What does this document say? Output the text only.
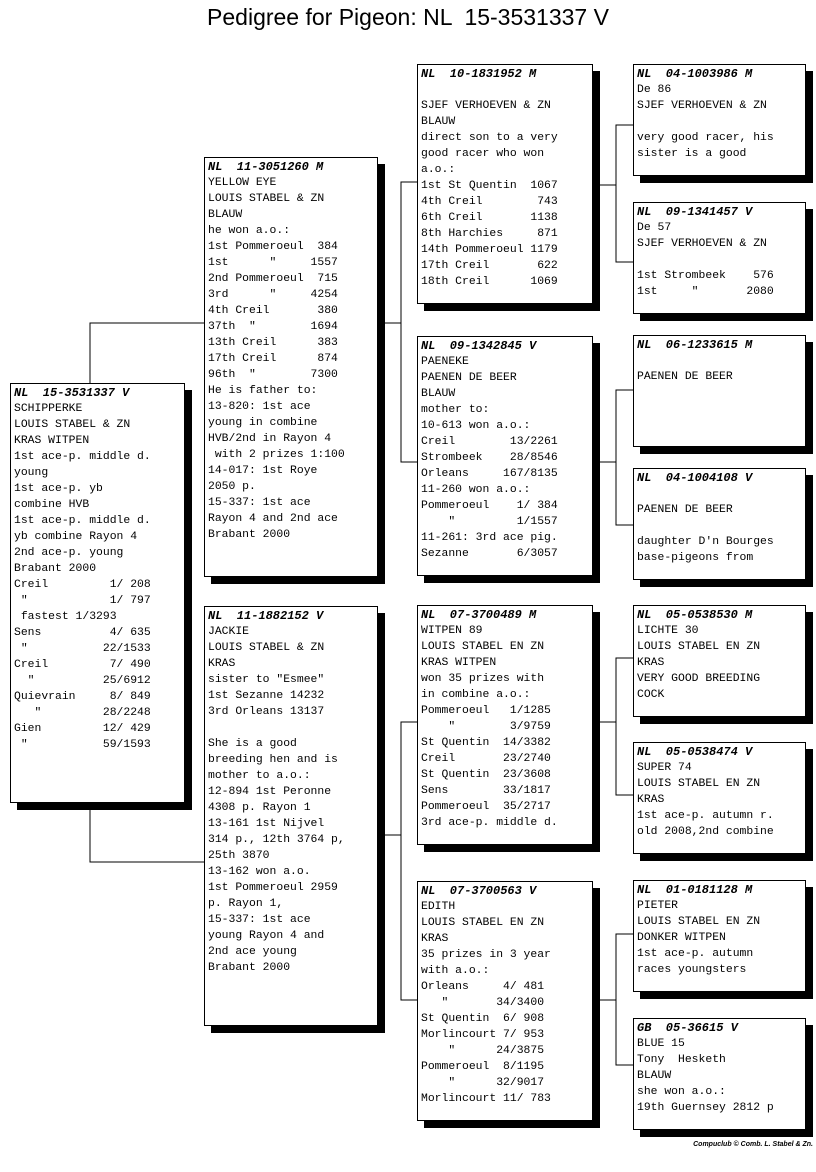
Pedigree for Pigeon: NL  15-3531337 V
NL  15-3531337 V
SCHIPPERKE
LOUIS STABEL & ZN
KRAS WITPEN
1st ace-p. middle d.
young
1st ace-p. yb
combine HVB
1st ace-p. middle d.
yb combine Rayon 4
2nd ace-p. young
Brabant 2000
Creil         1/ 208
"            1/ 797
fastest 1/3293
Sens          4/ 635
"           22/1533
Creil         7/ 490
"          25/6912
Quievrain     8/ 849
"         28/2248
Gien         12/ 429
"           59/1593
NL  11-3051260 M
YELLOW EYE
LOUIS STABEL & ZN
BLAUW
he won a.o.:
1st Pommeroeul  384
1st      "     1557
2nd Pommeroeul  715
3rd      "     4254
4th Creil       380
37th  "        1694
13th Creil      383
17th Creil      874
96th  "        7300
He is father to:
13-820: 1st ace
young in combine
HVB/2nd in Rayon 4
with 2 prizes 1:100
14-017: 1st Roye
2050 p.
15-337: 1st ace
Rayon 4 and 2nd ace
Brabant 2000
NL  11-1882152 V
JACKIE
LOUIS STABEL & ZN
KRAS
sister to "Esmee"
1st Sezanne 14232
3rd Orleans 13137

She is a good
breeding hen and is
mother to a.o.:
12-894 1st Peronne
4308 p. Rayon 1
13-161 1st Nijvel
314 p., 12th 3764 p,
25th 3870
13-162 won a.o.
1st Pommeroeul 2959
p. Rayon 1,
15-337: 1st ace
young Rayon 4 and
2nd ace young
Brabant 2000
NL  10-1831952 M

SJEF VERHOEVEN & ZN
BLAUW
direct son to a very
good racer who won
a.o.:
1st St Quentin  1067
4th Creil        743
6th Creil       1138
8th Harchies     871
14th Pommeroeul 1179
17th Creil       622
18th Creil      1069
NL  09-1342845 V
PAENEKE
PAENEN DE BEER
BLAUW
mother to:
10-613 won a.o.:
Creil        13/2261
Strombeek    28/8546
Orleans     167/8135
11-260 won a.o.:
Pommeroeul    1/ 384
"         1/1557
11-261: 3rd ace pig.
Sezanne       6/3057
NL  07-3700489 M
WITPEN 89
LOUIS STABEL EN ZN
KRAS WITPEN
won 35 prizes with
in combine a.o.:
Pommeroeul   1/1285
"        3/9759
St Quentin  14/3382
Creil       23/2740
St Quentin  23/3608
Sens        33/1817
Pommeroeul  35/2717
3rd ace-p. middle d.
NL  07-3700563 V
EDITH
LOUIS STABEL EN ZN
KRAS
35 prizes in 3 year
with a.o.:
Orleans     4/ 481
"       34/3400
St Quentin  6/ 908
Morlincourt 7/ 953
"      24/3875
Pommeroeul  8/1195
"      32/9017
Morlincourt 11/ 783
NL  04-1003986 M
De 86
SJEF VERHOEVEN & ZN

very good racer, his
sister is a good
NL  09-1341457 V
De 57
SJEF VERHOEVEN & ZN

1st Strombeek    576
1st     "       2080
NL  06-1233615 M

PAENEN DE BEER
NL  04-1004108 V

PAENEN DE BEER

daughter D'n Bourges
base-pigeons from
NL  05-0538530 M
LICHTE 30
LOUIS STABEL EN ZN
KRAS
VERY GOOD BREEDING
COCK
NL  05-0538474 V
SUPER 74
LOUIS STABEL EN ZN
KRAS
1st ace-p. autumn r.
old 2008,2nd combine
NL  01-0181128 M
PIETER
LOUIS STABEL EN ZN
DONKER WITPEN
1st ace-p. autumn
races youngsters
GB  05-36615 V
BLUE 15
Tony  Hesketh
BLAUW
she won a.o.:
19th Guernsey 2812 p
Compuclub © Comb. L. Stabel & Zn.
